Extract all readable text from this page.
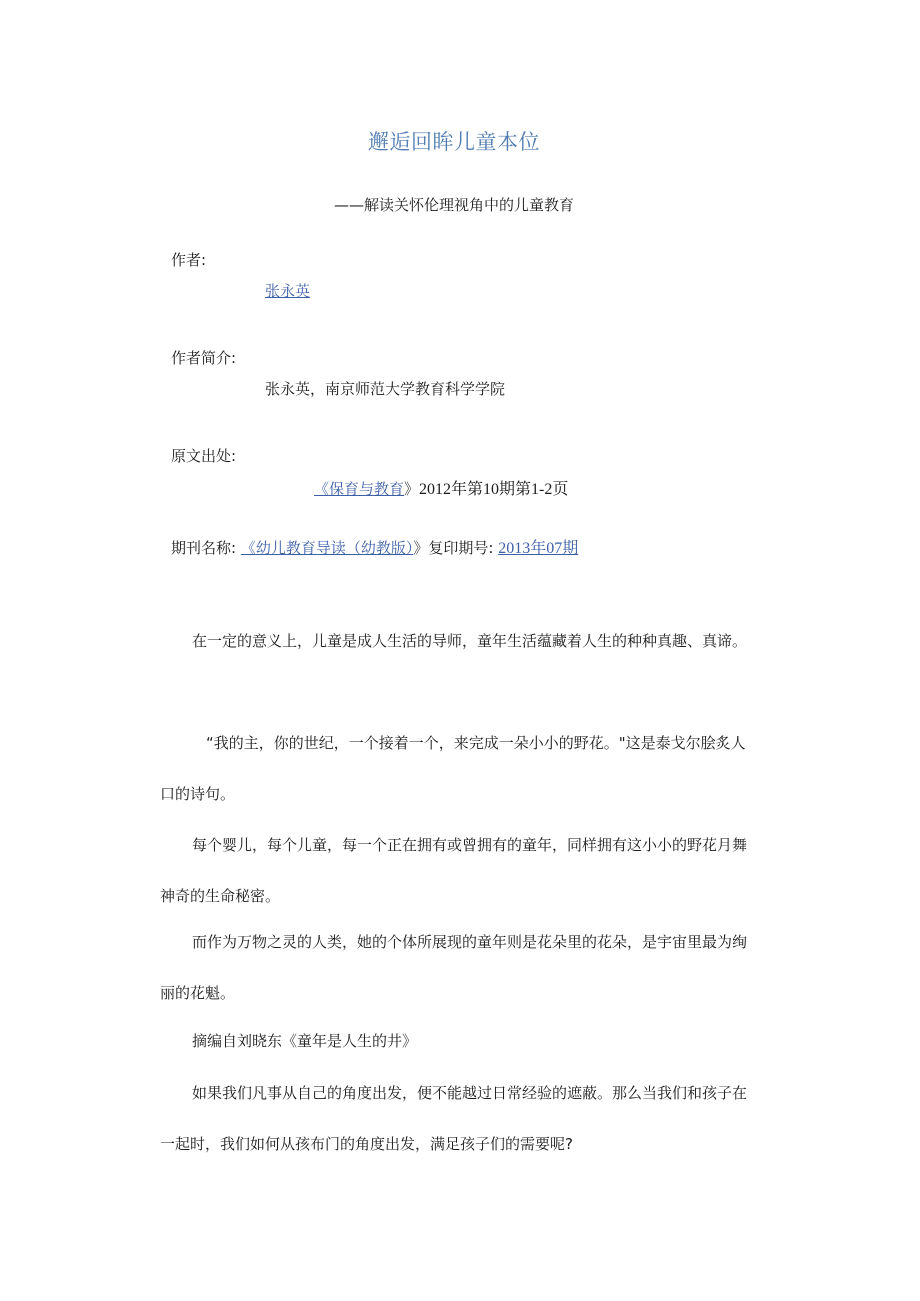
邂逅回眸儿童本位
——解读关怀伦理视角中的儿童教育
作者:
张永英
作者简介:
张永英，南京师范大学教育科学学院
原文出处:
《保育与教育》2012年第10期第1-2页
期刊名称: 《幼儿教育导读（幼教版）》复印期号: 2013年07期
在一定的意义上，儿童是成人生活的导师，童年生活蕴藏着人生的种种真趣、真谛。
“我的主，你的世纪，一个接着一个，来完成一朵小小的野花。"这是泰戈尔脍炙人口的诗句。
每个婴儿，每个儿童，每一个正在拥有或曾拥有的童年，同样拥有这小小的野花月舞神奇的生命秘密。
而作为万物之灵的人类，她的个体所展现的童年则是花朵里的花朵，是宇宙里最为绚丽的花魁。
摘编自刘晓东《童年是人生的井》
如果我们凡事从自己的角度出发，便不能越过日常经验的遮蔽。那么当我们和孩子在一起时，我们如何从孩布门的角度出发，满足孩子们的需要呢?
